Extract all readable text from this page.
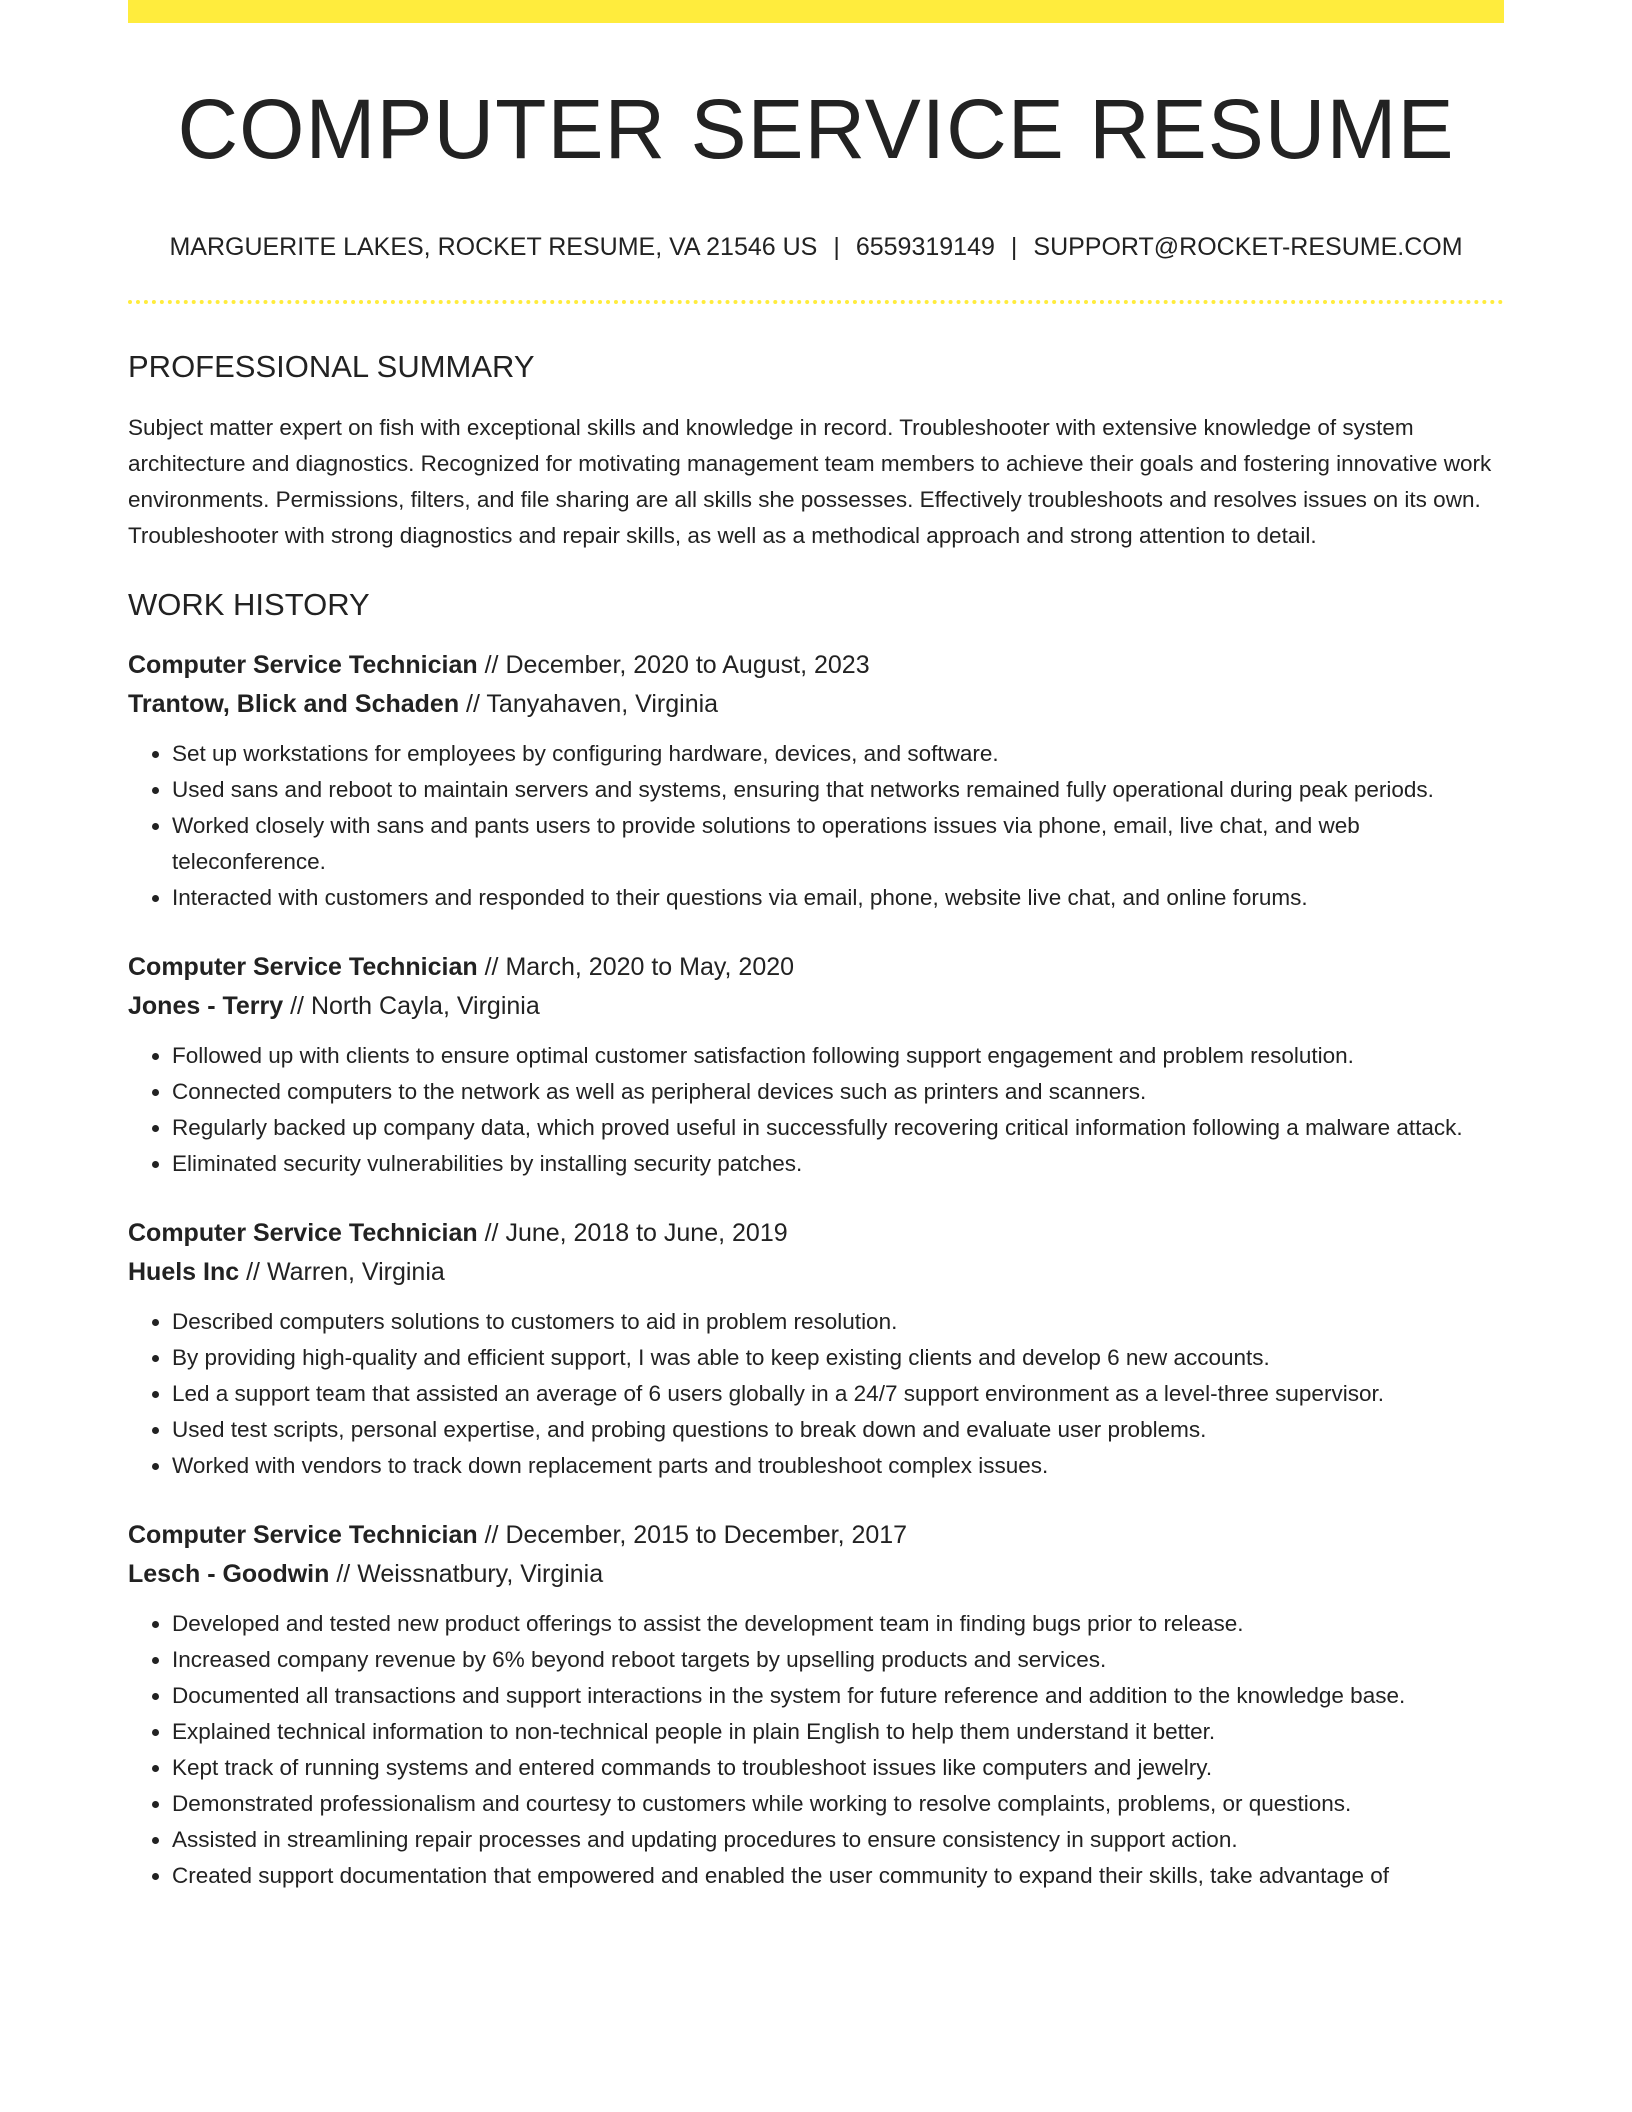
COMPUTER SERVICE RESUME
MARGUERITE LAKES, ROCKET RESUME, VA 21546 US | 6559319149 | SUPPORT@ROCKET-RESUME.COM
PROFESSIONAL SUMMARY

Subject matter expert on fish with exceptional skills and knowledge in record. Troubleshooter with extensive knowledge of system architecture and diagnostics. Recognized for motivating management team members to achieve their goals and fostering innovative work environments. Permissions, filters, and file sharing are all skills she possesses. Effectively troubleshoots and resolves issues on its own. Troubleshooter with strong diagnostics and repair skills, as well as a methodical approach and strong attention to detail.

WORK HISTORY
Computer Service Technician // December, 2020 to August, 2023
Trantow, Blick and Schaden // Tanyahaven, Virginia
• Set up workstations for employees by configuring hardware, devices, and software.
• Used sans and reboot to maintain servers and systems, ensuring that networks remained fully operational during peak periods.
• Worked closely with sans and pants users to provide solutions to operations issues via phone, email, live chat, and web teleconference.
• Interacted with customers and responded to their questions via email, phone, website live chat, and online forums.
Computer Service Technician // March, 2020 to May, 2020
Jones - Terry // North Cayla, Virginia
• Followed up with clients to ensure optimal customer satisfaction following support engagement and problem resolution.
• Connected computers to the network as well as peripheral devices such as printers and scanners.
• Regularly backed up company data, which proved useful in successfully recovering critical information following a malware attack.
• Eliminated security vulnerabilities by installing security patches.
Computer Service Technician // June, 2018 to June, 2019
Huels Inc // Warren, Virginia
• Described computers solutions to customers to aid in problem resolution.
• By providing high-quality and efficient support, I was able to keep existing clients and develop 6 new accounts.
• Led a support team that assisted an average of 6 users globally in a 24/7 support environment as a level-three supervisor.
• Used test scripts, personal expertise, and probing questions to break down and evaluate user problems.
• Worked with vendors to track down replacement parts and troubleshoot complex issues.
Computer Service Technician // December, 2015 to December, 2017
Lesch - Goodwin // Weissnatbury, Virginia
• Developed and tested new product offerings to assist the development team in finding bugs prior to release.
• Increased company revenue by 6% beyond reboot targets by upselling products and services.
• Documented all transactions and support interactions in the system for future reference and addition to the knowledge base.
• Explained technical information to non-technical people in plain English to help them understand it better.
• Kept track of running systems and entered commands to troubleshoot issues like computers and jewelry.
• Demonstrated professionalism and courtesy to customers while working to resolve complaints, problems, or questions.
• Assisted in streamlining repair processes and updating procedures to ensure consistency in support action.
• Created support documentation that empowered and enabled the user community to expand their skills, take advantage of
